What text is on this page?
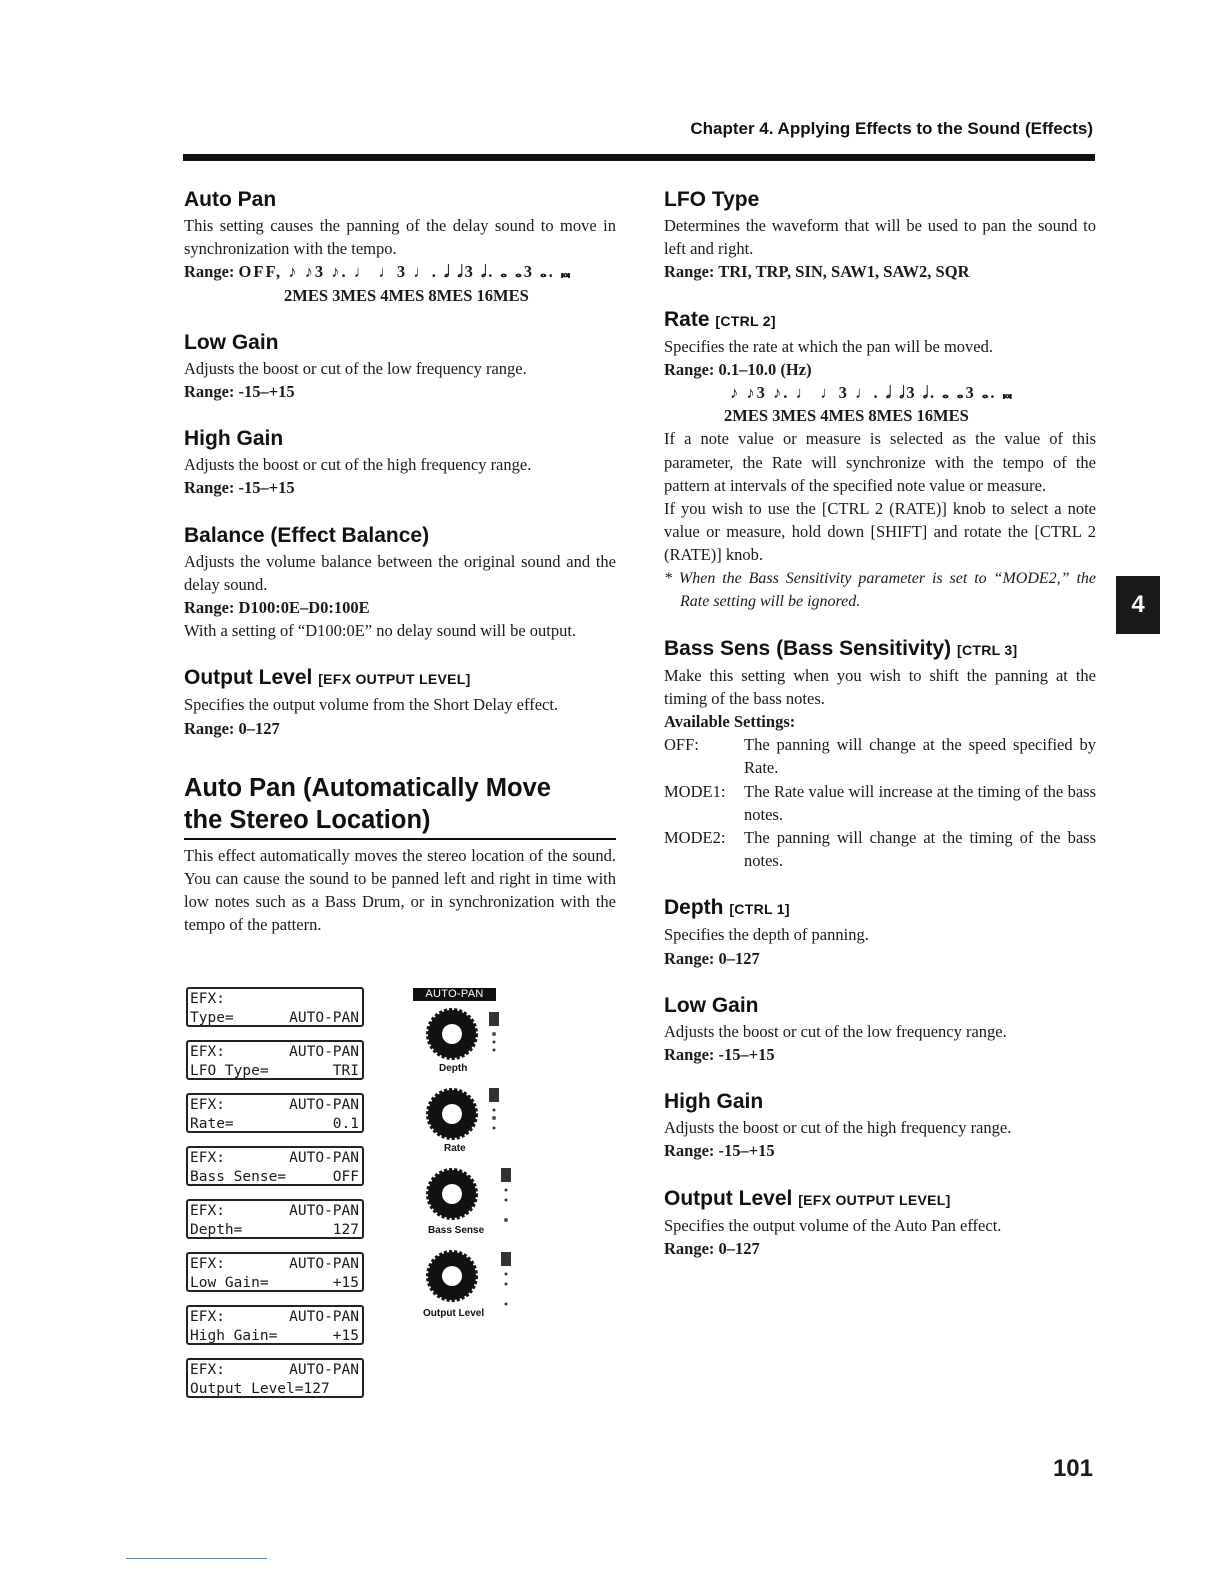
Chapter 4. Applying Effects to the Sound (Effects)
Auto Pan

This setting causes the panning of the delay sound to move in synchronization with the tempo.

Range: OFF, ♪ ♪3 ♪. ♩ ♩3 ♩. 𝅗𝅥 𝅗𝅥3 𝅗𝅥. 𝅝 𝅝3 𝅝. 𝅜
2MES 3MES 4MES 8MES 16MES
Low Gain

Adjusts the boost or cut of the low frequency range.

Range: -15–+15
High Gain

Adjusts the boost or cut of the high frequency range.

Range: -15–+15
Balance (Effect Balance)

Adjusts the volume balance between the original sound and the delay sound.

Range: D100:0E–D0:100E

With a setting of “D100:0E” no delay sound will be output.

Output Level [EFX OUTPUT LEVEL]

Specifies the output volume from the Short Delay effect.

Range: 0–127
Auto Pan (Automatically Move
the Stereo Location)

This effect automatically moves the stereo location of the sound. You can cause the sound to be panned left and right in time with low notes such as a Bass Drum, or in synchronization with the tempo of the pattern.

EFX:
Type=	AUTO-PAN
EFX:	AUTO-PAN
LFO Type=	TRI
EFX:	AUTO-PAN
Rate=	0.1
EFX:	AUTO-PAN
Bass Sense=	OFF
EFX:	AUTO-PAN
Depth=	127
EFX:	AUTO-PAN
Low Gain=	+15
EFX:	AUTO-PAN
High Gain=	+15
EFX:	AUTO-PAN
Output Level=127
AUTO-PAN
Depth
Rate
Bass Sense
Output Level
LFO Type

Determines the waveform that will be used to pan the sound to left and right.

Range: TRI, TRP, SIN, SAW1, SAW2, SQR
Rate [CTRL 2]

Specifies the rate at which the pan will be moved.

Range: 0.1–10.0 (Hz)
♪ ♪3 ♪. ♩ ♩3 ♩. 𝅗𝅥 𝅗𝅥3 𝅗𝅥. 𝅝 𝅝3 𝅝. 𝅜
2MES 3MES 4MES 8MES 16MES

If a note value or measure is selected as the value of this parameter, the Rate will synchronize with the tempo of the pattern at intervals of the specified note value or measure.

If you wish to use the [CTRL 2 (RATE)] knob to select a note value or measure, hold down [SHIFT] and rotate the [CTRL 2 (RATE)] knob.

* When the Bass Sensitivity parameter is set to “MODE2,” the Rate setting will be ignored.

Bass Sens (Bass Sensitivity) [CTRL 3]

Make this setting when you wish to shift the panning at the timing of the bass notes.

Available Settings:
OFF:	The panning will change at the speed specified by Rate.
MODE1:	The Rate value will increase at the timing of the bass notes.
MODE2:	The panning will change at the timing of the bass notes.
Depth [CTRL 1]

Specifies the depth of panning.

Range: 0–127
Low Gain

Adjusts the boost or cut of the low frequency range.

Range: -15–+15
High Gain

Adjusts the boost or cut of the high frequency range.

Range: -15–+15
Output Level [EFX OUTPUT LEVEL]

Specifies the output volume of the Auto Pan effect.

Range: 0–127
4
101
